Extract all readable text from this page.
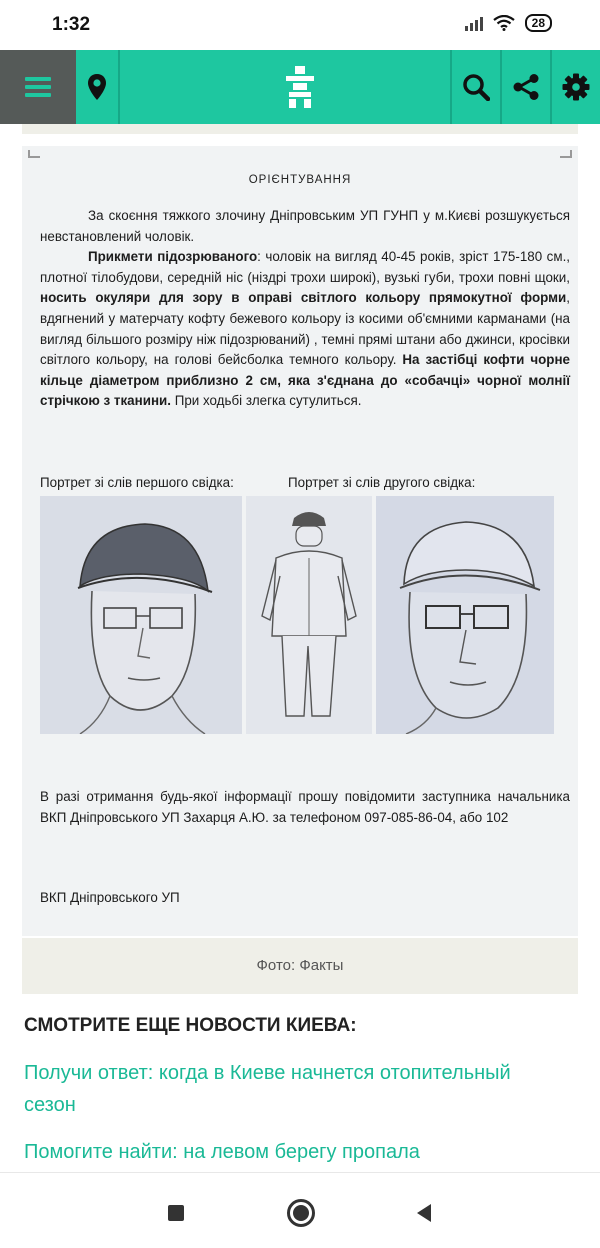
1:32	28
ОРІЄНТУВАННЯ

За скоєння тяжкого злочину Дніпровським УП ГУНП у м.Києві розшукується невстановлений чоловік.

Прикмети підозрюваного: чоловік на вигляд 40-45 років, зріст 175-180 см., плотної тілобудови, середній ніс (ніздрі трохи широкі), вузькі губи, трохи повні щоки, носить окуляри для зору в оправі світлого кольору прямокутної форми, вдягнений у матерчату кофту бежевого кольору із косими об'ємними карманами (на вигляд більшого розміру ніж підозрюваний) , темні прямі штани або джинси, кросівки світлого кольору, на голові бейсболка темного кольору. На застібці кофти чорне кільце діаметром приблизно 2 см, яка з'єднана до «собачці» чорної молнії стрічкою з тканини. При ходьбі злегка сутулиться.

Портрет зі слів першого свідка:	Портрет зі слів другого свідка:
В разі отримання будь-якої інформації прошу повідомити заступника начальника ВКП Дніпровського УП Захарця А.Ю. за телефоном 097-085-86-04, або 102
ВКП Дніпровського УП
Фото: Факты
СМОТРИТЕ ЕЩЕ НОВОСТИ КИЕВА:
Получи ответ: когда в Киеве начнется отопительный сезон
Помогите найти: на левом берегу пропала
